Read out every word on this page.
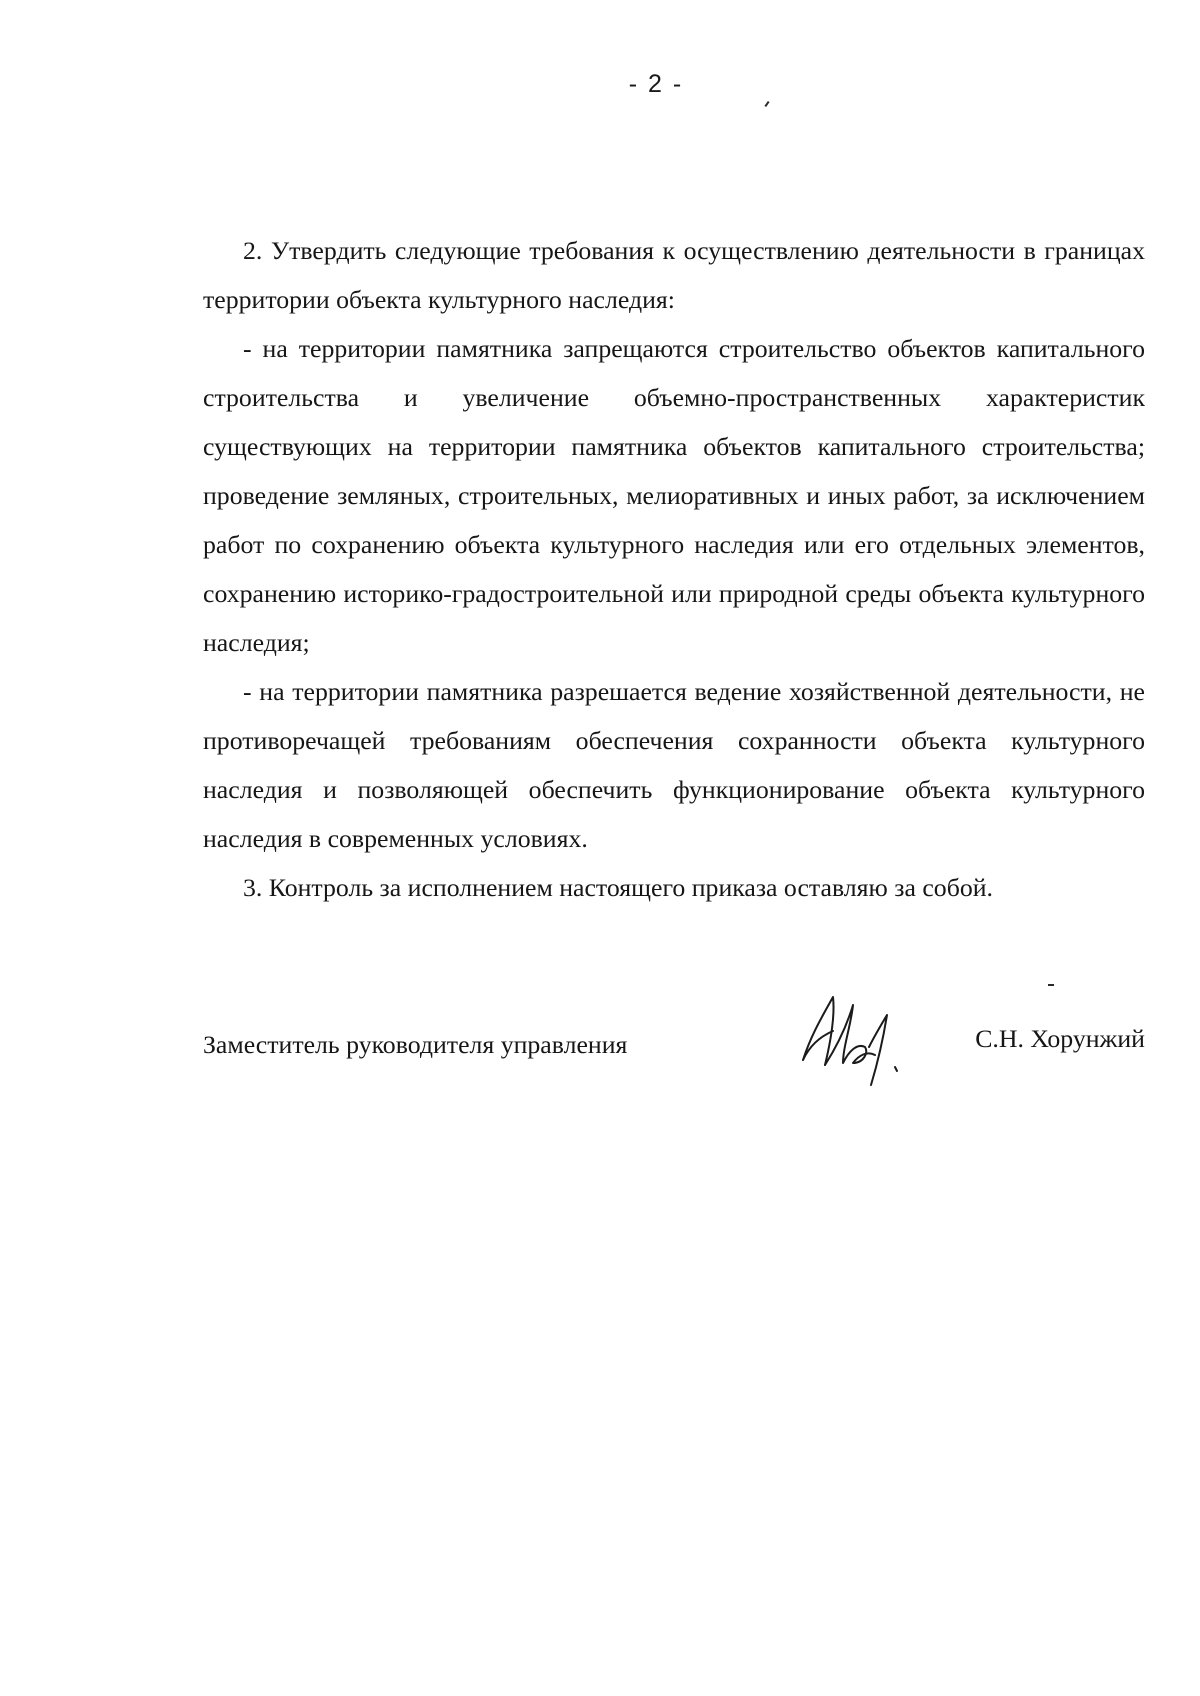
- 2 -

2. Утвердить следующие требования к осуществлению деятельности в границах территории объекта культурного наследия:

- на территории памятника запрещаются строительство объектов капитального строительства и увеличение объемно-пространственных характеристик существующих на территории памятника объектов капитального строительства; проведение земляных, строительных, мелиоративных и иных работ, за исключением работ по сохранению объекта культурного наследия или его отдельных элементов, сохранению историко-градостроительной или природной среды объекта культурного наследия;

- на территории памятника разрешается ведение хозяйственной деятельности, не противоречащей требованиям обеспечения сохранности объекта культурного наследия и позволяющей обеспечить функционирование объекта культурного наследия в современных условиях.

3. Контроль за исполнением настоящего приказа оставляю за собой.

Заместитель руководителя управления	С.Н. Хорунжий
